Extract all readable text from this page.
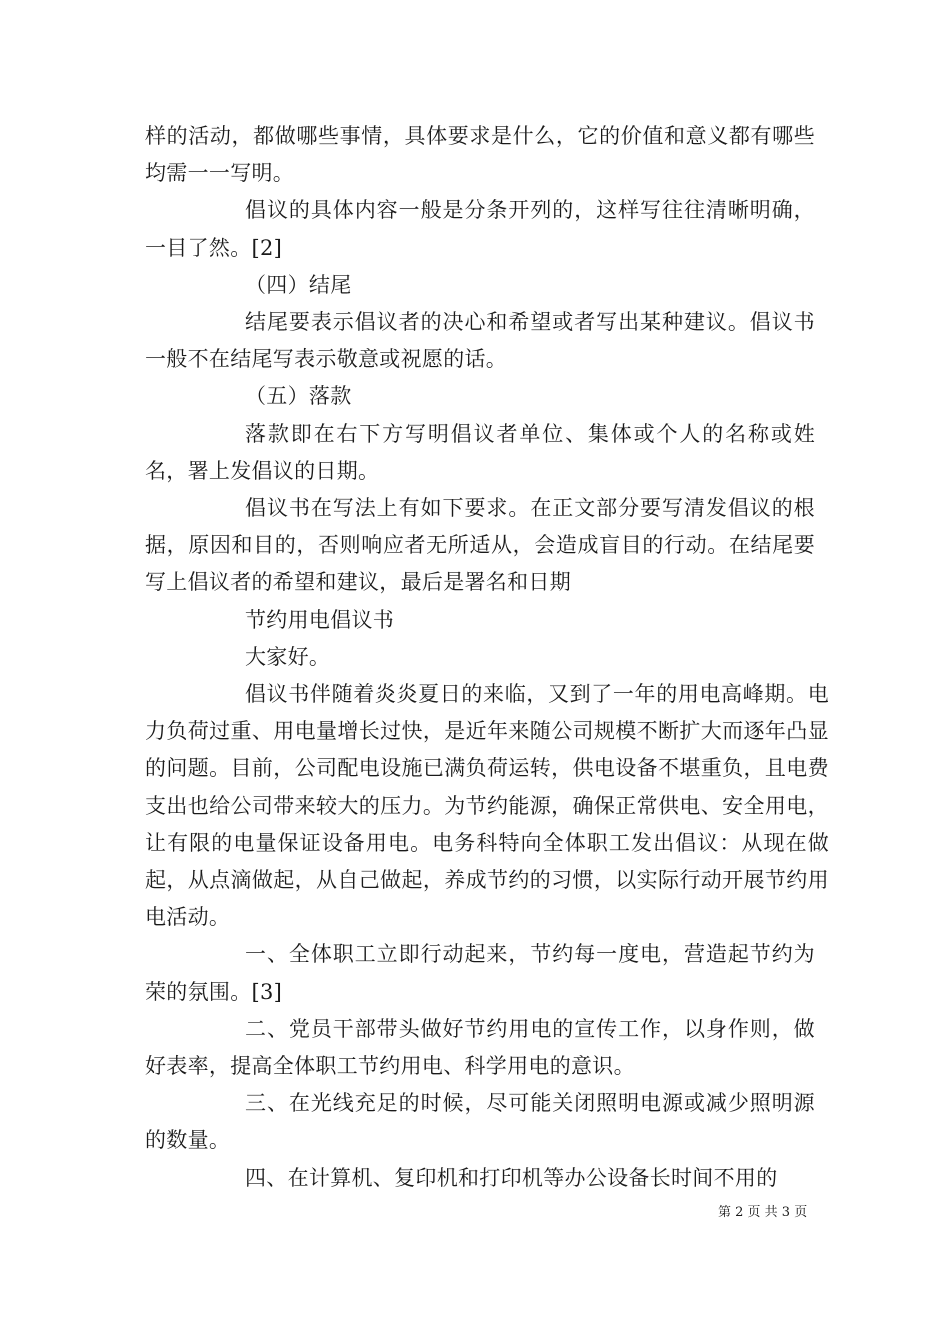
样的活动，都做哪些事情，具体要求是什么，它的价值和意义都有哪些均需一一写明。

倡议的具体内容一般是分条开列的，这样写往往清晰明确，一目了然。[2]

（四）结尾

结尾要表示倡议者的决心和希望或者写出某种建议。倡议书一般不在结尾写表示敬意或祝愿的话。

（五）落款

落款即在右下方写明倡议者单位、集体或个人的名称或姓名，署上发倡议的日期。

倡议书在写法上有如下要求。在正文部分要写清发倡议的根据，原因和目的，否则响应者无所适从，会造成盲目的行动。在结尾要写上倡议者的希望和建议，最后是署名和日期

节约用电倡议书

大家好。

倡议书伴随着炎炎夏日的来临，又到了一年的用电高峰期。电力负荷过重、用电量增长过快，是近年来随公司规模不断扩大而逐年凸显的问题。目前，公司配电设施已满负荷运转，供电设备不堪重负，且电费支出也给公司带来较大的压力。为节约能源，确保正常供电、安全用电，让有限的电量保证设备用电。电务科特向全体职工发出倡议：从现在做起，从点滴做起，从自己做起，养成节约的习惯，以实际行动开展节约用电活动。

一、全体职工立即行动起来，节约每一度电，营造起节约为荣的氛围。[3]

二、党员干部带头做好节约用电的宣传工作，以身作则，做好表率，提高全体职工节约用电、科学用电的意识。

三、在光线充足的时候，尽可能关闭照明电源或减少照明源的数量。

四、在计算机、复印机和打印机等办公设备长时间不用的

第 2 页 共 3 页
